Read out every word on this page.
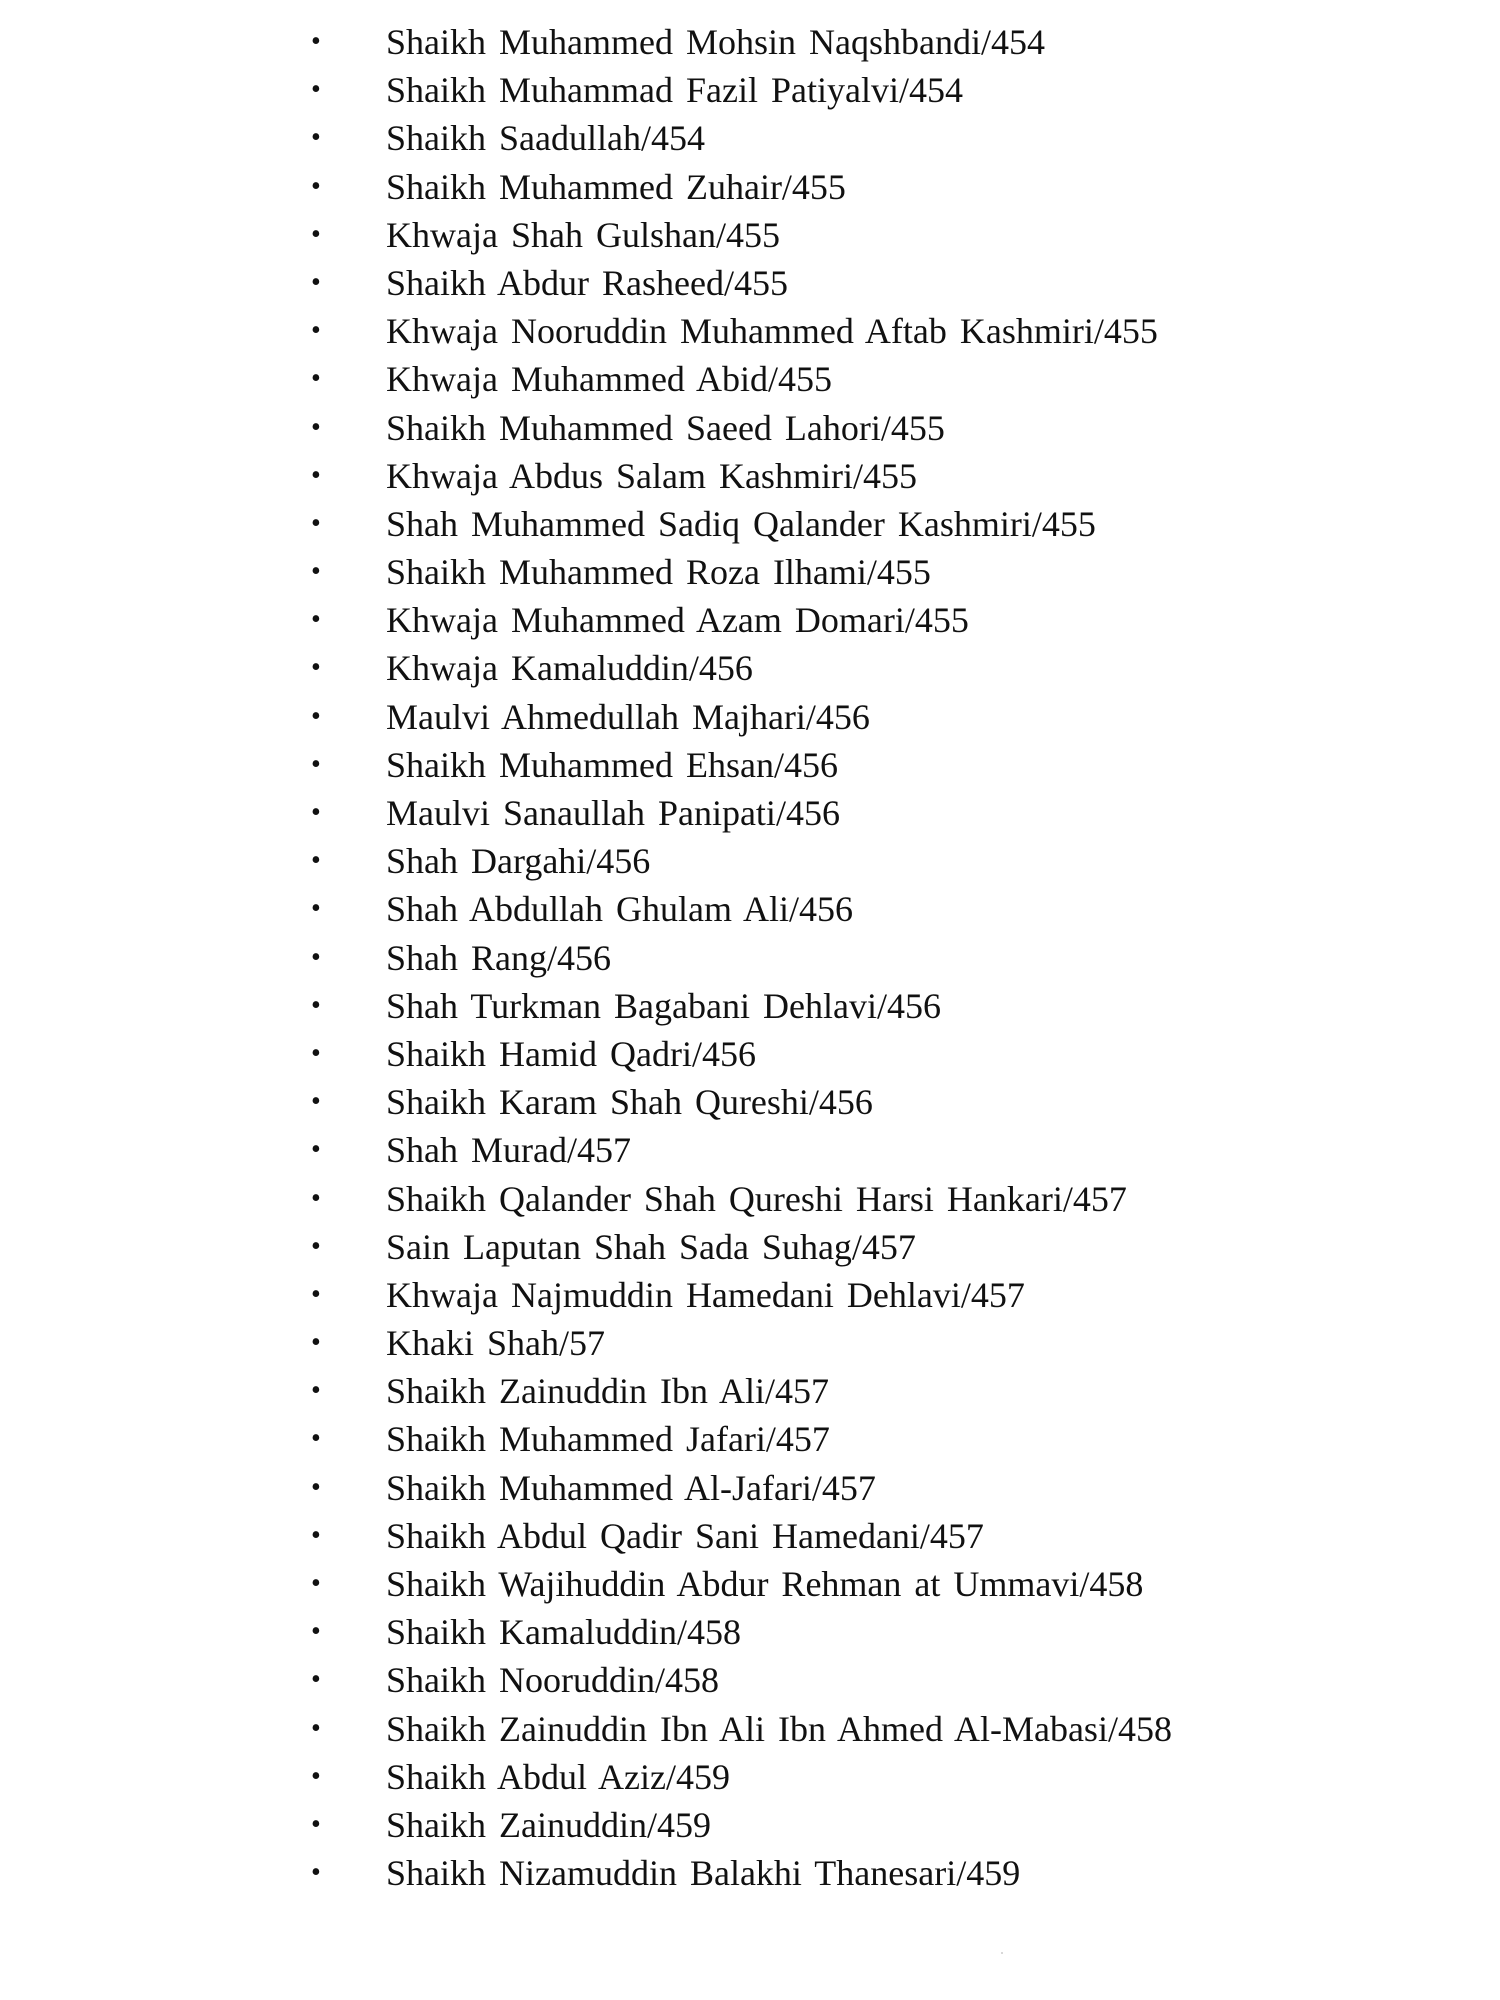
• Shaikh Muhammed Mohsin Naqshbandi/454
• Shaikh Muhammad Fazil Patiyalvi/454
• Shaikh Saadullah/454
• Shaikh Muhammed Zuhair/455
• Khwaja Shah Gulshan/455
• Shaikh Abdur Rasheed/455
• Khwaja Nooruddin Muhammed Aftab Kashmiri/455
• Khwaja Muhammed Abid/455
• Shaikh Muhammed Saeed Lahori/455
• Khwaja Abdus Salam Kashmiri/455
• Shah Muhammed Sadiq Qalander Kashmiri/455
• Shaikh Muhammed Roza Ilhami/455
• Khwaja Muhammed Azam Domari/455
• Khwaja Kamaluddin/456
• Maulvi Ahmedullah Majhari/456
• Shaikh Muhammed Ehsan/456
• Maulvi Sanaullah Panipati/456
• Shah Dargahi/456
• Shah Abdullah Ghulam Ali/456
• Shah Rang/456
• Shah Turkman Bagabani Dehlavi/456
• Shaikh Hamid Qadri/456
• Shaikh Karam Shah Qureshi/456
• Shah Murad/457
• Shaikh Qalander Shah Qureshi Harsi Hankari/457
• Sain Laputan Shah Sada Suhag/457
• Khwaja Najmuddin Hamedani Dehlavi/457
• Khaki Shah/57
• Shaikh Zainuddin Ibn Ali/457
• Shaikh Muhammed Jafari/457
• Shaikh Muhammed Al-Jafari/457
• Shaikh Abdul Qadir Sani Hamedani/457
• Shaikh Wajihuddin Abdur Rehman at Ummavi/458
• Shaikh Kamaluddin/458
• Shaikh Nooruddin/458
• Shaikh Zainuddin Ibn Ali Ibn Ahmed Al-Mabasi/458
• Shaikh Abdul Aziz/459
• Shaikh Zainuddin/459
• Shaikh Nizamuddin Balakhi Thanesari/459
